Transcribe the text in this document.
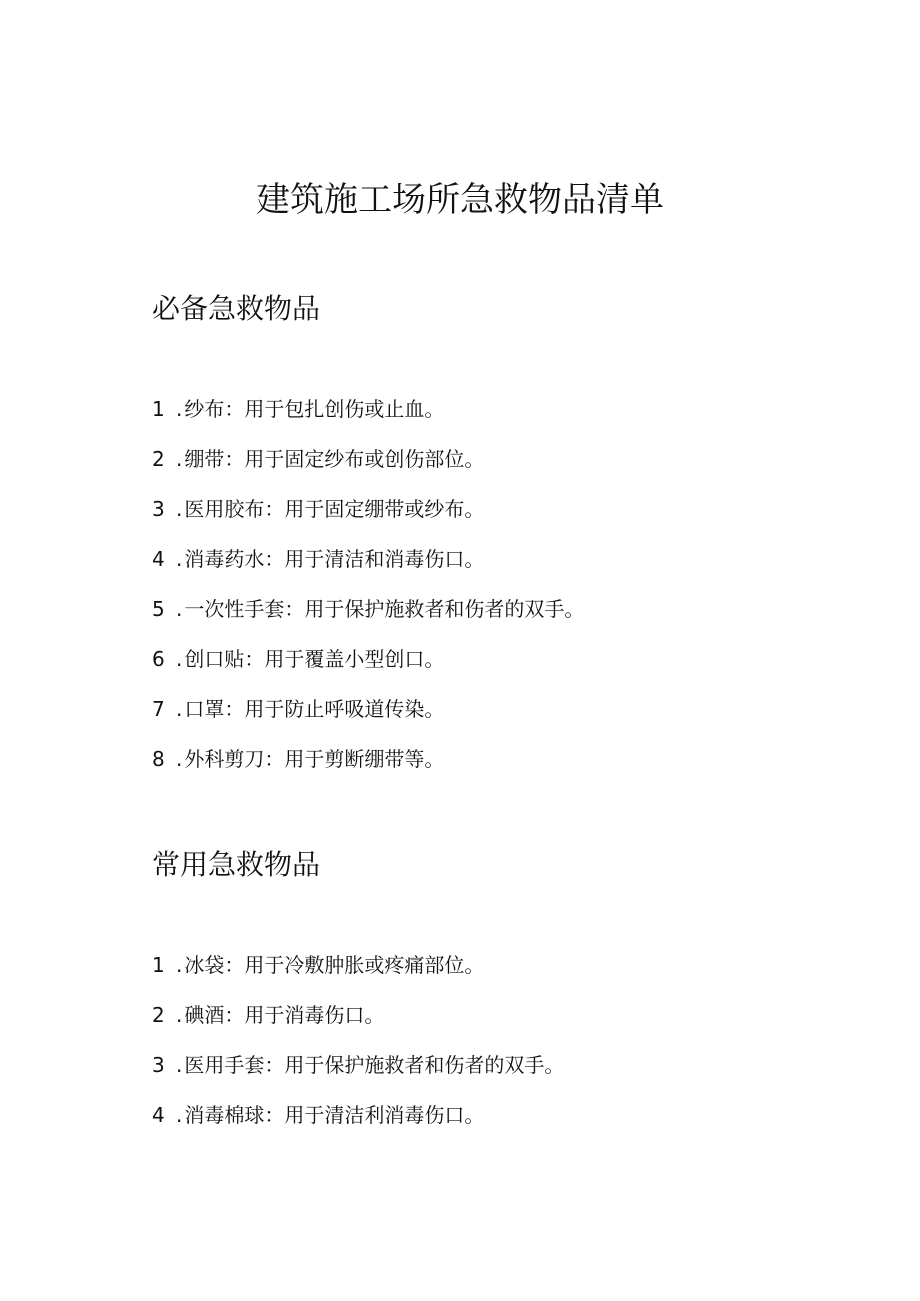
建筑施工场所急救物品清单
必备急救物品
1 . 纱布：用于包扎创伤或止血。
2 . 绷带：用于固定纱布或创伤部位。
3 . 医用胶布：用于固定绷带或纱布。
4 . 消毒药水：用于清洁和消毒伤口。
5 . 一次性手套：用于保护施救者和伤者的双手。
6 . 创口贴：用于覆盖小型创口。
7 . 口罩：用于防止呼吸道传染。
8 . 外科剪刀：用于剪断绷带等。
常用急救物品
1 . 冰袋：用于冷敷肿胀或疼痛部位。
2 . 碘酒：用于消毒伤口。
3 . 医用手套：用于保护施救者和伤者的双手。
4 . 消毒棉球：用于清洁利消毒伤口。
